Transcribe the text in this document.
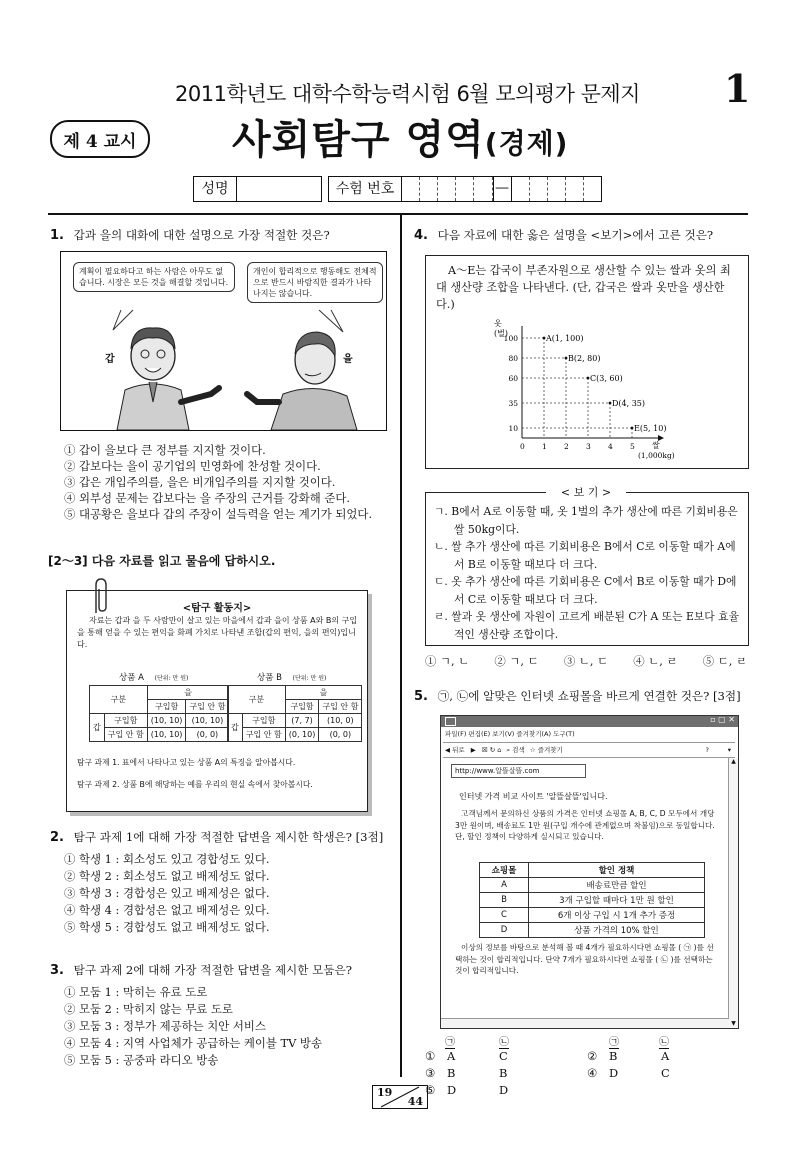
2011학년도 대학수학능력시험 6월 모의평가 문제지 1
제 4 교시	사회탐구 영역(경제)
성명	수험 번호	—
1. 갑과 을의 대화에 대한 설명으로 가장 적절한 것은?
계획이 필요하다고 하는 사람은 아무도 없습니다. 시장은 모든 것을 해결할 것입니다.
개인이 합리적으로 행동해도 전체적으로 반드시 바람직한 결과가 나타나지는 않습니다.
갑	을
① 갑이 을보다 큰 정부를 지지할 것이다.
② 갑보다는 을이 공기업의 민영화에 찬성할 것이다.
③ 갑은 개입주의를, 을은 비개입주의를 지지할 것이다.
④ 외부성 문제는 갑보다는 을 주장의 근거를 강화해 준다.
⑤ 대공황은 을보다 갑의 주장이 설득력을 얻는 계기가 되었다.
[2～3] 다음 자료를 읽고 물음에 답하시오.
<탐구 활동지>
자료는 갑과 을 두 사람만이 살고 있는 마을에서 갑과 을이 상품 A와 B의 구입을 통해 얻을 수 있는 편익을 화폐 가치로 나타낸 조합(갑의 편익, 을의 편익)입니다.
상품 A (단위: 만 원)
구분		을	
		구입함	구입 안 함
갑	구입함	(10, 10)	(10, 10)
	구입 안 함	(10, 10)	(0, 0)
상품 B (단위: 만 원)
구분		을	
		구입함	구입 안 함
갑	구입함	(7, 7)	(10, 0)
	구입 안 함	(0, 10)	(0, 0)
탐구 과제 1. 표에서 나타나고 있는 상품 A의 특징을 알아봅시다.
탐구 과제 2. 상품 B에 해당하는 예를 우리의 현실 속에서 찾아봅시다.
2. 탐구 과제 1에 대해 가장 적절한 답변을 제시한 학생은? [3점]
① 학생 1 : 회소성도 있고 경합성도 있다.
② 학생 2 : 회소성도 없고 배제성도 없다.
③ 학생 3 : 경합성은 있고 배제성은 없다.
④ 학생 4 : 경합성은 없고 배제성은 있다.
⑤ 학생 5 : 경합성도 없고 배제성도 없다.
3. 탐구 과제 2에 대해 가장 적절한 답변을 제시한 모둠은?
① 모둠 1 : 막히는 유료 도로
② 모둠 2 : 막히지 않는 무료 도로
③ 모둠 3 : 정부가 제공하는 치안 서비스
④ 모둠 4 : 지역 사업체가 공급하는 케이블 TV 방송
⑤ 모둠 5 : 공중파 라디오 방송
4. 다음 자료에 대한 옳은 설명을 <보기>에서 고른 것은?
A～E는 갑국이 부존자원으로 생산할 수 있는 쌀과 옷의 최대 생산량 조합을 나타낸다. (단, 갑국은 쌀과 옷만을 생산한다.)
옷
(벌)
쌀
(1,000kg)
0 1 2 3 4 5
10
35
60
80
100	A(1, 100)
B(2, 80)
C(3, 60)
D(4, 35)
E(5, 10)
< 보 기 >
ㄱ. B에서 A로 이동할 때, 옷 1벌의 추가 생산에 따른 기회비용은 쌀 50kg이다.
ㄴ. 쌀 추가 생산에 따른 기회비용은 B에서 C로 이동할 때가 A에서 B로 이동할 때보다 더 크다.
ㄷ. 옷 추가 생산에 따른 기회비용은 C에서 B로 이동할 때가 D에서 C로 이동할 때보다 더 크다.
ㄹ. 쌀과 옷 생산에 자원이 고르게 배분된 C가 A 또는 E보다 효율적인 생산량 조합이다.
① ㄱ, ㄴ ② ㄱ, ㄷ ③ ㄴ, ㄷ ④ ㄴ, ㄹ ⑤ ㄷ, ㄹ
5. ㉠, ㉡에 알맞은 인터넷 쇼핑몰을 바르게 연결한 것은? [3점]
▫ ▢ ✕
파일(F) 편집(E) 보기(V) 즐겨찾기(A) 도구(T)
◀ 뒤로 ▶ ☒ ↻ ⌂ ⌕ 검색 ☆ 즐겨찾기	?	▾
http://www.알뜰살뜰.com
▲
▼
인터넷 가격 비교 사이트 '알뜰살뜰'입니다.
고객님께서 문의하신 상품의 가격은 인터넷 쇼핑몰 A, B, C, D 모두에서 개당 3만 원이며, 배송료도 1만 원(구입 개수에 관계없으며 착불임)으로 동일합니다. 단, 할인 정책이 다양하게 실시되고 있습니다.
쇼핑몰	할인 정책
A	배송료만큼 할인
B	3개 구입할 때마다 1만 원 할인
C	6개 이상 구입 시 1개 추가 증정
D	상품 가격의 10% 할인
이상의 정보를 바탕으로 분석해 볼 때 4개가 필요하시다면 쇼핑몰 ( ㉠ )를 선택하는 것이 합리적입니다. 단약 7개가 필요하시다면 쇼핑몰 ( ㉡ )를 선택하는 것이 합리적입니다.
㉠	㉡	㉠	㉡
① A	C	② B	A
③ B	B	④ D	C
⑤ D	D
19
44
